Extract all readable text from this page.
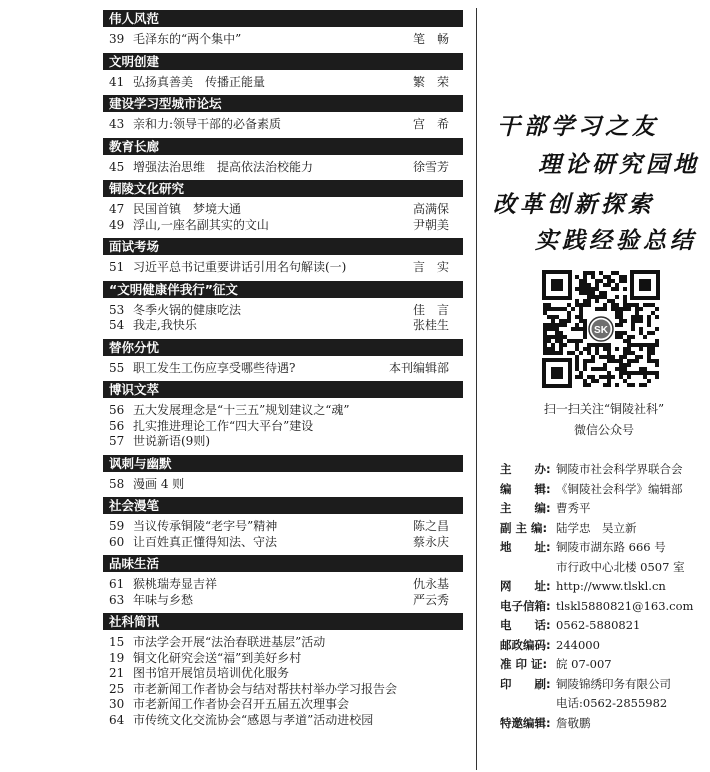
伟人风范
39 毛泽东的“两个集中”	笔　畅
文明创建
41 弘扬真善美　传播正能量	繁　荣
建设学习型城市论坛
43 亲和力:领导干部的必备素质	宫　希
教育长廊
45 增强法治思维　提高依法治校能力	徐雪芳
铜陵文化研究
47 民国首镇　梦境大通	高满保
49 浮山,一座名副其实的文山	尹朝美
面试考场
51 习近平总书记重要讲话引用名句解读(一)	言　实
“文明健康伴我行”征文
53 冬季火锅的健康吃法	佳　言
54 我走,我快乐	张桂生
替你分忧
55 职工发生工伤应享受哪些待遇?	本刊编辑部
博识文萃
56 五大发展理念是“十三五”规划建议之“魂”
56 扎实推进理论工作“四大平台”建设
57 世说新语(9则)
讽刺与幽默
58 漫画 4 则
社会漫笔
59 当议传承铜陵“老字号”精神	陈之昌
60 让百姓真正懂得知法、守法	蔡永庆
品味生活
61 猴桃瑞寿显吉祥	仇永基
63 年味与乡愁	严云秀
社科简讯
15 市法学会开展“法治春联进基层”活动
19 铜文化研究会送“福”到美好乡村
21 图书馆开展馆员培训优化服务
25 市老新闻工作者协会与结对帮扶村举办学习报告会
30 市老新闻工作者协会召开五届五次理事会
64 市传统文化交流协会“感恩与孝道”活动进校园
干部学习之友
理论研究园地
改革创新探索
实践经验总结
SK
扫一扫关注“铜陵社科”
微信公众号
主　　办: 铜陵市社会科学界联合会
编　　辑: 《铜陵社会科学》编辑部
主　　编: 曹秀平
副 主 编: 陆学忠　吴立新
地　　址: 铜陵市湖东路 666 号
市行政中心北楼 0507 室
网　　址: http://www.tlskl.cn
电子信箱: tlskl5880821@163.com
电　　话: 0562-5880821
邮政编码: 244000
准 印 证: 皖 07-007
印　　刷: 铜陵锦绣印务有限公司
电话:0562-2855982
特邀编辑: 詹敬鹏
